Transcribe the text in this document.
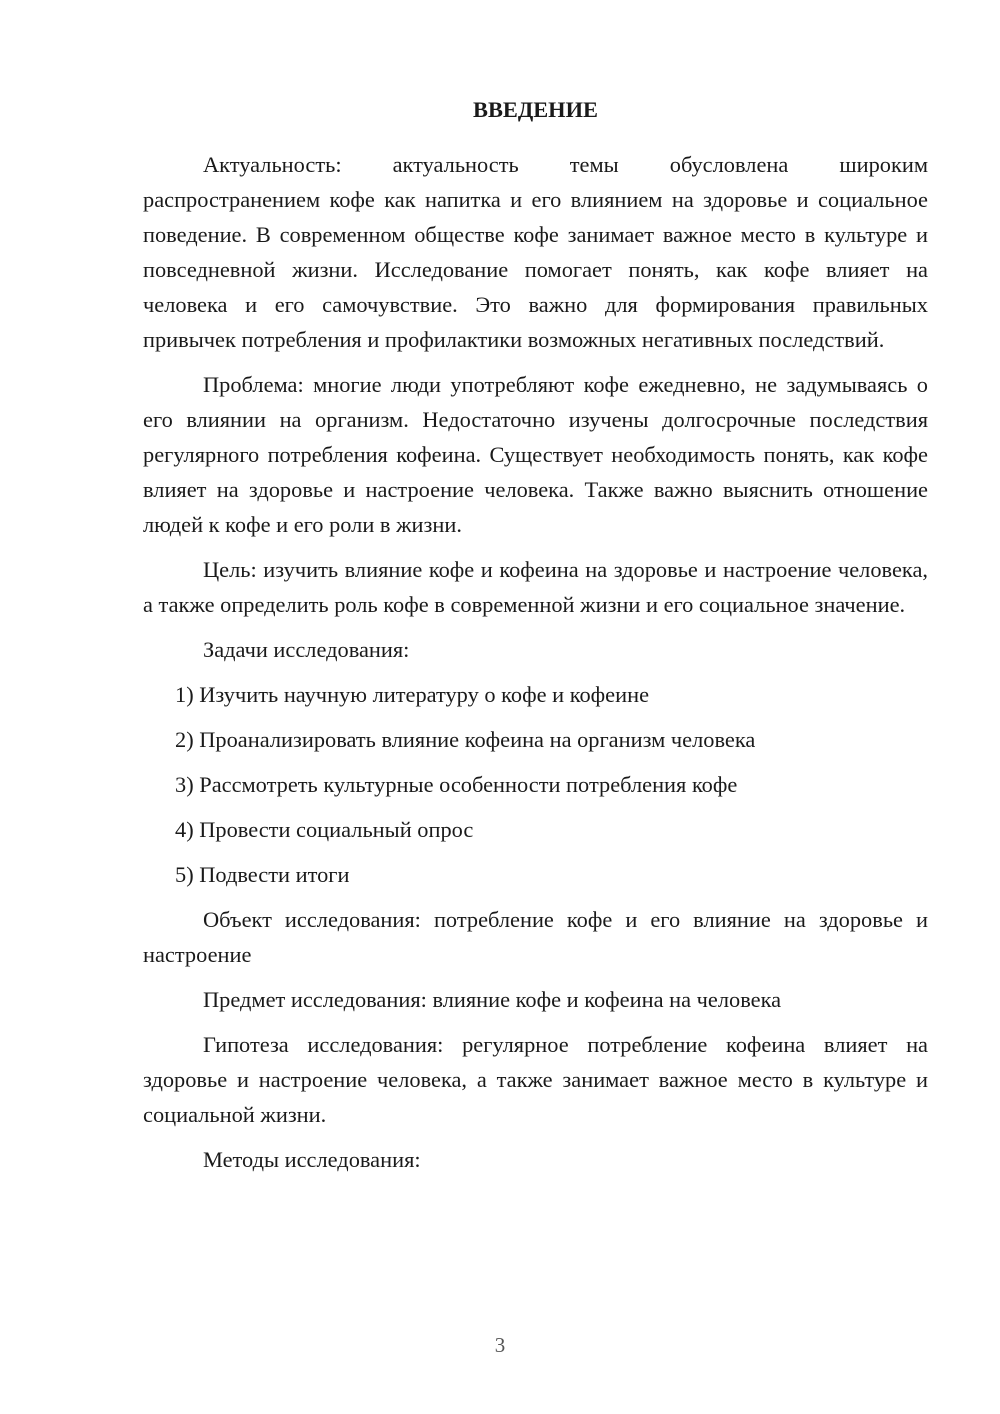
ВВЕДЕНИЕ

Актуальность: актуальность темы обусловлена широким распространением кофе как напитка и его влиянием на здоровье и социальное поведение. В современном обществе кофе занимает важное место в культуре и повседневной жизни. Исследование помогает понять, как кофе влияет на человека и его самочувствие. Это важно для формирования правильных привычек потребления и профилактики возможных негативных последствий.

Проблема: многие люди употребляют кофе ежедневно, не задумываясь о его влиянии на организм. Недостаточно изучены долгосрочные последствия регулярного потребления кофеина. Существует необходимость понять, как кофе влияет на здоровье и настроение человека. Также важно выяснить отношение людей к кофе и его роли в жизни.

Цель: изучить влияние кофе и кофеина на здоровье и настроение человека, а также определить роль кофе в современной жизни и его социальное значение.

Задачи исследования:

1) Изучить научную литературу о кофе и кофеине
2) Проанализировать влияние кофеина на организм человека
3) Рассмотреть культурные особенности потребления кофе
4) Провести социальный опрос
5) Подвести итоги

Объект исследования: потребление кофе и его влияние на здоровье и настроение

Предмет исследования: влияние кофе и кофеина на человека

Гипотеза исследования: регулярное потребление кофеина влияет на здоровье и настроение человека, а также занимает важное место в культуре и социальной жизни.

Методы исследования:

3
